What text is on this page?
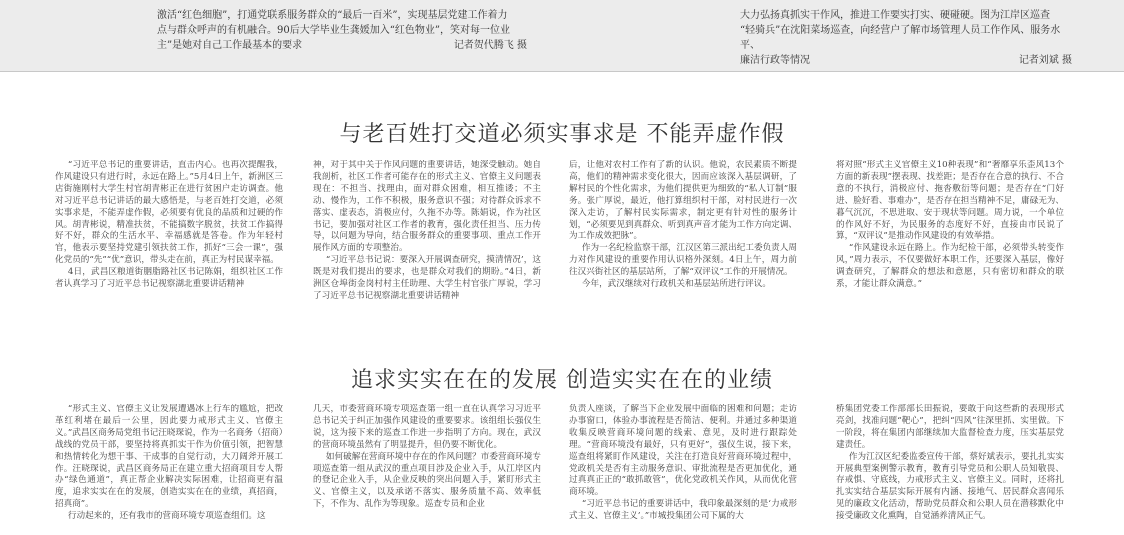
激活“红色细胞”，打通党联系服务群众的“最后一百米”，实现基层党建工作着力

点与群众呼声的有机融合。90后大学毕业生龚媛加入“红色物业”，笑对每一位业

主”是她对自己工作最基本的要求	记者贺代腾飞 摄

大力弘扬真抓实干作风，推进工作要实打实、硬碰硬。图为江岸区巡查

“轻骑兵”在沈阳菜场巡查，向经营户了解市场管理人员工作作风、服务水平、

廉洁行政等情况	记者刘斌 摄

与老百姓打交道必须实事求是 不能弄虚作假

“习近平总书记的重要讲话，直击内心。也再次提醒我，作风建设只有进行时，永远在路上。”5月4日上午，新洲区三店街施刚村大学生村官胡青彬正在进行贫困户走访调查。他对习近平总书记讲话的最大感悟是，与老百姓打交道，必须实事求是，不能弄虚作假，必须要有优良的品质和过硬的作风。胡青彬说，精准扶贫，不能搞数字脱贫，扶贫工作搞得好不好，群众的生活水平、幸福感就是答卷。作为年轻村官，他表示要坚持党建引领扶贫工作，抓好“三会一课”，强化党员的“先”“优”意识，带头走在前，真正为村民谋幸福。

4日，武昌区粮道街胭脂路社区书记陈娟，组织社区工作者认真学习了习近平总书记视察湖北重要讲话精神

神，对于其中关于作风问题的重要讲话，她深受触动。她自我剖析，社区工作者可能存在的形式主义、官僚主义问题表现在：不担当、找理由，面对群众困难，相互推诿；不主动、慢作为，工作不积极，服务意识不强；对待群众诉求不落实、虚表态，消极应付，久拖不办等。陈娟说，作为社区书记，要加强对社区工作者的教育，强化责任担当、压力传导，以问题为导向，结合服务群众的重要事项、重点工作开展作风方面的专项整治。

“习近平总书记说：要深入开展调查研究，摸清情况’，这既是对我们提出的要求，也是群众对我们的期盼。”4日，新洲区仓埠街金岗村村主任助理、大学生村官张广厚说，学习了习近平总书记视察湖北重要讲话精神

后，让他对农村工作有了新的认识。他说，农民素质不断提高，他们的精神需求变化很大，因而应该深入基层调研，了解村民的个性化需求，为他们提供更为细致的“私人订制”服务。张广厚说，最近，他打算组织村干部，对村民进行一次深入走访，了解村民实际需求，制定更有针对性的服务计划，“必须要见到真群众、听到真声音才能为工作方向定调、为工作成效把脉”。

作为一名纪检监察干部，江汉区第三派出纪工委负责人周力对作风建设的重要作用认识格外深刻。4日上午，周力前往汉兴街社区的基层站所，了解“双评议”工作的开展情况。

今年，武汉继续对行政机关和基层站所进行评议。

将对照“形式主义官僚主义10种表现”和“奢靡享乐歪风13个方面的新表现”摆表现、找差距；是否存在合意的执行、不合意的不执行，消极应付、拖沓敷衍等问题；是否存在“门好进、脸好看、事难办”，是否存在担当精神不足，庸碌无为、暮气沉沉，不思进取、安于现状等问题。周力说，一个单位的作风好不好，为民服务的态度好不好，直接由市民说了算，“双评议”是推动作风建设的有效举措。

“作风建设永远在路上。作为纪检干部，必须带头转变作风，”周力表示，不仅要做好本职工作，还要深入基层，像好调查研究，了解群众的想法和意愿，只有密切和群众的联系，才能让群众满意。”

追求实实在在的发展 创造实实在在的业绩

“形式主义、官僚主义让发展遭遇冰上行车的尴尬，把改革红利堵在最后一公里，因此要力戒形式主义、官僚主义。”武昌区商务局党组书记汪晓琛说，作为一名商务（招商）战线的党员干部，要坚持将真抓实干作为价值引领，把智慧和热情转化为想干事、干成事的自觉行动，大刀阔斧开展工作。汪晓琛说，武昌区商务局正在建立重大招商项目专人帮办“绿色通道”，真正帮企业解决实际困难，让招商更有温度，追求实实在在的发展，创造实实在在的业绩，真招商，招真商”。

行动起来的，还有我市的营商环境专项巡查组们。这

几天，市委营商环境专项巡查第一组一直在认真学习习近平总书记关于纠正加强作风建设的重要要求。该组组长强仪生说，这为接下来的巡查工作进一步指明了方向。现在，武汉的营商环境虽然有了明显提升，但仍要不断优化。

如何破解在营商环境中存在的作风问题？市委营商环境专项巡查第一组从武汉的重点项目涉及企业入手，从江岸区内的登记企业入手，从企业反映的突出问题入手，紧盯形式主义、官僚主义，以及承诺不落实、服务质量不高、效率低下，不作为、乱作为等现象。巡查专员和企业

负责人座谈，了解当下企业发展中面临的困难和问题；走访办事窗口，体验办事流程是否简洁、便利。并通过多种渠道收集反映营商环境问题的线索、意见，及时进行跟踪处理。“营商环境没有最好，只有更好”，强仪生说，接下来，巡查组将紧盯作风建设，关注在打造良好营商环境过程中，党政机关是否有主动服务意识、审批流程是否更加优化，通过真真正正的“敢抓敢管”，优化党政机关作风，从而优化营商环境。

“习近平总书记的重要讲话中，我印象最深刻的是‘力戒形式主义、官僚主义’。”市城投集团公司下属的大

桥集团党委工作部部长田振说，要敢于向这些新的表现形式亮剑，找准问题“靶心”，把纠“四风”往深里抓、实里做。下一阶段，将在集团内部继续加大监督检查力度，压实基层党建责任。

作为江汉区纪委监委宣传干部，蔡好斌表示，要扎扎实实开展典型案例警示教育，教育引导党员和公职人员知敬畏、存戒惧、守底线，力戒形式主义、官僚主义。同时，还将扎扎实实结合基层实际开展有内涵、接地气、居民群众喜闻乐见的廉政文化活动，帮助党员群众和公职人员在潜移默化中接受廉政文化熏陶，自觉涵养清风正气。
